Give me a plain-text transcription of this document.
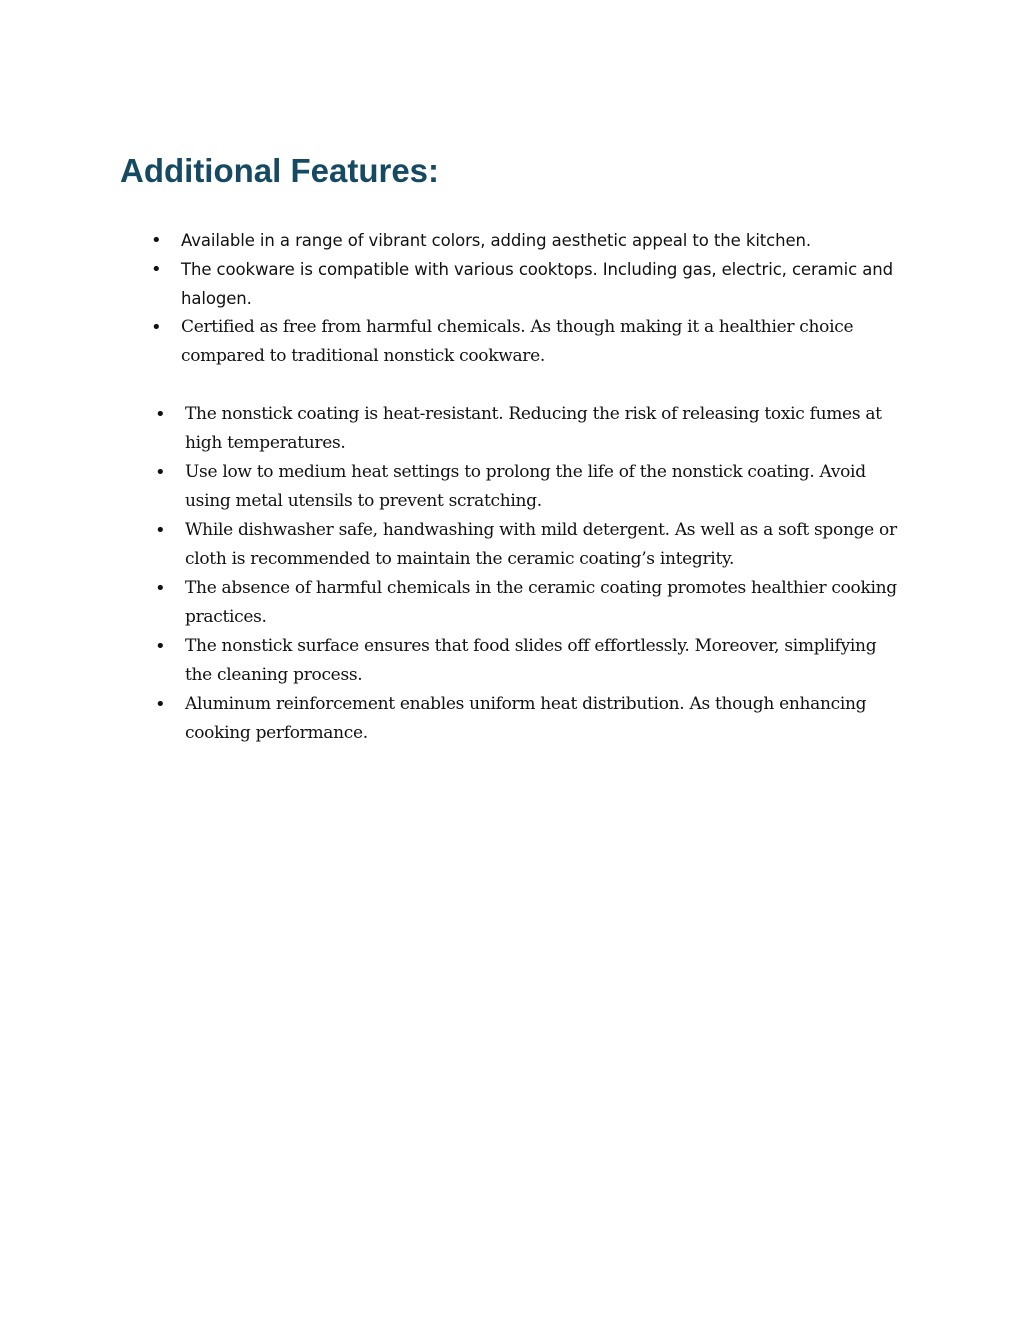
Additional Features:
• Available in a range of vibrant colors, adding aesthetic appeal to the kitchen.
• The cookware is compatible with various cooktops. Including gas, electric, ceramic and halogen.
• Certified as free from harmful chemicals. As though making it a healthier choice compared to traditional nonstick cookware.
• The nonstick coating is heat-resistant. Reducing the risk of releasing toxic fumes at high temperatures.
• Use low to medium heat settings to prolong the life of the nonstick coating. Avoid using metal utensils to prevent scratching.
• While dishwasher safe, handwashing with mild detergent. As well as a soft sponge or cloth is recommended to maintain the ceramic coating’s integrity.
• The absence of harmful chemicals in the ceramic coating promotes healthier cooking practices.
• The nonstick surface ensures that food slides off effortlessly. Moreover, simplifying the cleaning process.
• Aluminum reinforcement enables uniform heat distribution. As though enhancing cooking performance.
